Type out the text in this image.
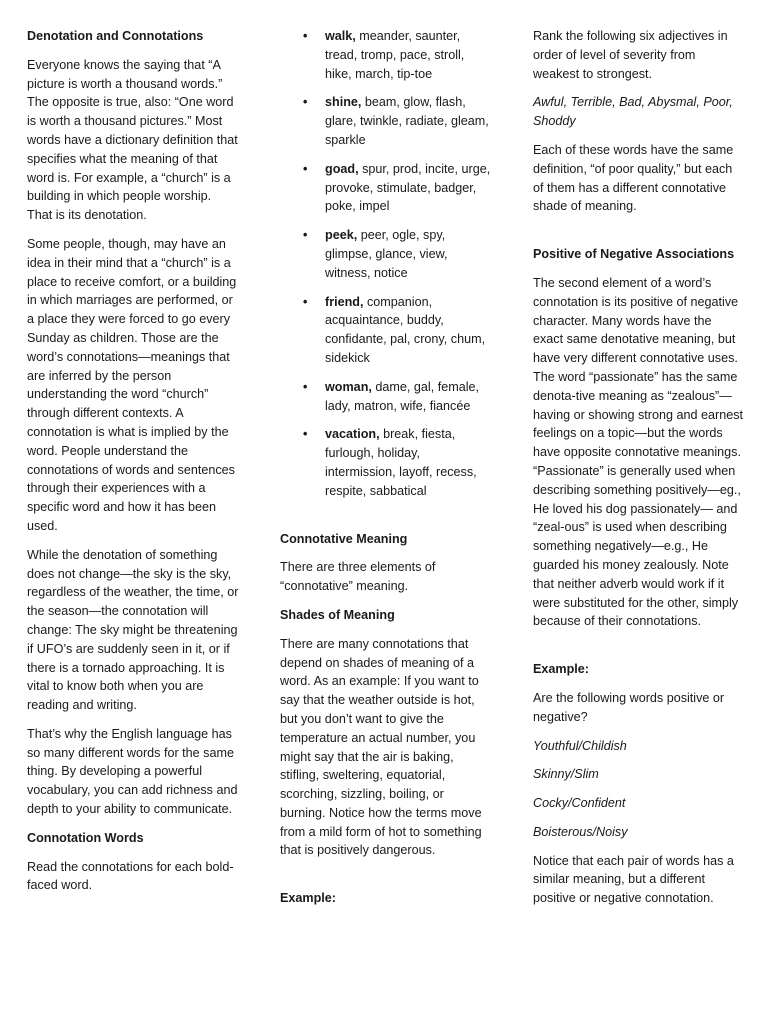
Denotation and Connotations

Everyone knows the saying that “A picture is worth a thousand words.” The opposite is true, also: “One word is worth a thousand pictures.” Most words have a dictionary definition that specifies what the meaning of that word is. For example, a “church” is a building in which people worship. That is its denotation.

Some people, though, may have an idea in their mind that a “church” is a place to receive comfort, or a building in which marriages are performed, or a place they were forced to go every Sunday as children. Those are the word’s connotations—meanings that are inferred by the person understanding the word “church” through different contexts. A connotation is what is implied by the word. People understand the connotations of words and sentences through their experiences with a specific word and how it has been used.

While the denotation of something does not change—the sky is the sky, regardless of the weather, the time, or the season—the connotation will change: The sky might be threatening if UFO’s are suddenly seen in it, or if there is a tornado approaching. It is vital to know both when you are reading and writing.

That’s why the English language has so many different words for the same thing. By developing a powerful vocabulary, you can add richness and depth to your ability to communicate.

Connotation Words

Read the connotations for each bold-faced word.

• walk, meander, saunter, tread, tromp, pace, stroll, hike, march, tip-toe
• shine, beam, glow, flash, glare, twinkle, radiate, gleam, sparkle
• goad, spur, prod, incite, urge, provoke, stimulate, badger, poke, impel
• peek, peer, ogle, spy, glimpse, glance, view, witness, notice
• friend, companion, acquaintance, buddy, confidante, pal, crony, chum, sidekick
• woman, dame, gal, female, lady, matron, wife, fiancée
• vacation, break, fiesta, furlough, holiday, intermission, layoff, recess, respite, sabbatical
Connotative Meaning

There are three elements of “connotative” meaning.

Shades of Meaning

There are many connotations that depend on shades of meaning of a word. As an example: If you want to say that the weather outside is hot, but you don’t want to give the temperature an actual number, you might say that the air is baking, stifling, sweltering, equatorial, scorching, sizzling, boiling, or burning. Notice how the terms move from a mild form of hot to something that is positively dangerous.

Example:

Rank the following six adjectives in order of level of severity from weakest to strongest.

Awful, Terrible, Bad, Abysmal, Poor, Shoddy

Each of these words have the same definition, “of poor quality,” but each of them has a different connotative shade of meaning.

Positive of Negative Associations

The second element of a word’s connotation is its positive of negative character. Many words have the exact same denotative meaning, but have very different connotative uses. The word “passionate” has the same denota-tive meaning as “zealous”—having or showing strong and earnest feelings on a topic—but the words have opposite connotative meanings. “Passionate” is generally used when describing something positively—eg., He loved his dog passionately— and “zeal-ous” is used when describing something negatively—e.g., He guarded his money zealously. Note that neither adverb would work if it were substituted for the other, simply because of their connotations.

Example:

Are the following words positive or negative?

Youthful/Childish

Skinny/Slim

Cocky/Confident

Boisterous/Noisy

Notice that each pair of words has a similar meaning, but a different positive or negative connotation.
